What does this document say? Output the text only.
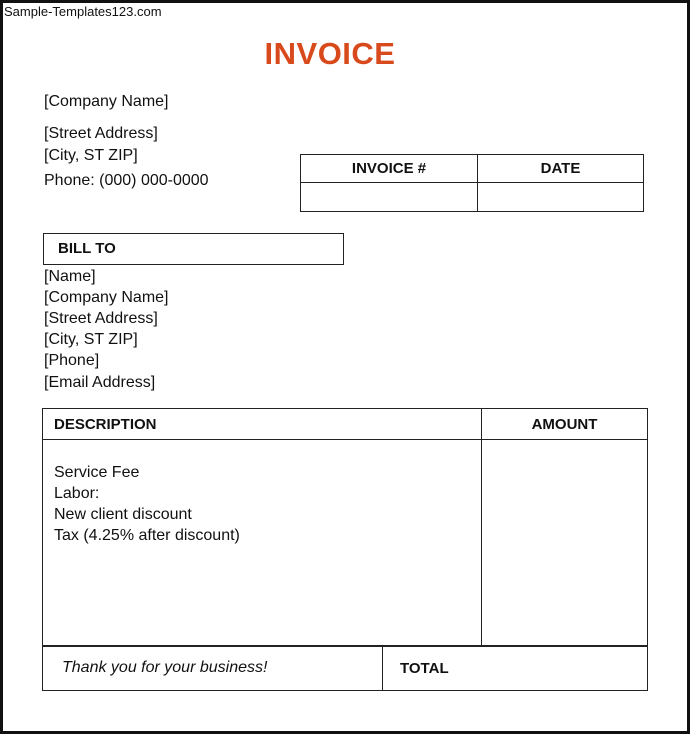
Sample-Templates123.com
INVOICE
[Company Name]
[Street Address]
[City, ST ZIP]
Phone: (000) 000-0000
INVOICE #	DATE

BILL TO
[Name]
[Company Name]
[Street Address]
[City, ST ZIP]
[Phone]
[Email Address]
DESCRIPTION	AMOUNT

Service Fee
Labor:
New client discount
Tax (4.25% after discount)	

Thank you for your business!	TOTAL
